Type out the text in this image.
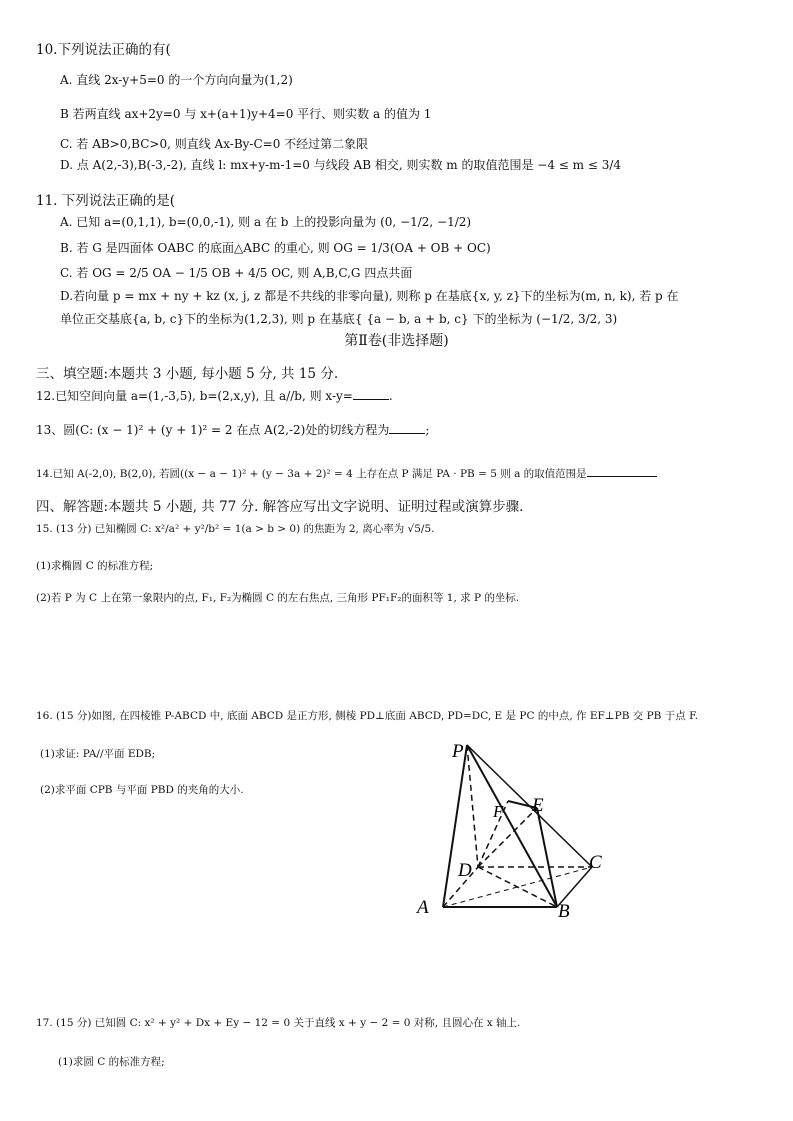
10.下列说法正确的有(
A. 直线 2x-y+5=0 的一个方向向量为(1,2)
B 若两直线 ax+2y=0 与 x+(a+1)y+4=0 平行、则实数 a 的值为 1
C. 若 AB>0,BC>0, 则直线 Ax-By-C=0 不经过第二象限
D. 点 A(2,-3),B(-3,-2), 直线 l: mx+y-m-1=0 与线段 AB 相交, 则实数 m 的取值范围是 −4 ≤ m ≤ 3/4
11. 下列说法正确的是(
A. 已知 a=(0,1,1), b=(0,0,-1), 则 a 在 b 上的投影向量为 (0, −1/2, −1/2)
B. 若 G 是四面体 OABC 的底面△ABC 的重心, 则 OG = 1/3(OA + OB + OC)
C. 若 OG = 2/5 OA − 1/5 OB + 4/5 OC, 则 A,B,C,G 四点共面
D.若向量 p = mx + ny + kz (x, j, z 都是不共线的非零向量), 则称 p 在基底{x, y, z}下的坐标为(m, n, k), 若 p 在
单位正交基底{a, b, c}下的坐标为(1,2,3), 则 p 在基底{ {a − b, a + b, c} 下的坐标为 (−1/2, 3/2, 3)
第Ⅱ卷(非选择题)
三、填空题:本题共 3 小题, 每小题 5 分, 共 15 分.
12.已知空间向量 a=(1,-3,5), b=(2,x,y), 且 a//b, 则 x-y=	.
13、圆(C: (x − 1)² + (y + 1)² = 2 在点 A(2,-2)处的切线方程为	;
14.已知 A(-2,0), B(2,0), 若圆((x − a − 1)² + (y − 3a + 2)² = 4 上存在点 P 满足 PA · PB = 5 则 a 的取值范围是
四、解答题:本题共 5 小题, 共 77 分. 解答应写出文字说明、证明过程或演算步骤.
15. (13 分) 已知椭圆 C: x²/a² + y²/b² = 1(a > b > 0) 的焦距为 2, 离心率为 √5/5.
(1)求椭圆 C 的标准方程;
(2)若 P 为 C 上在第一象限内的点, F₁, F₂为椭圆 C 的左右焦点, 三角形 PF₁F₂的面积等 1, 求 P 的坐标.
16. (15 分)如图, 在四棱锥 P-ABCD 中, 底面 ABCD 是正方形, 侧棱 PD⊥底面 ABCD, PD=DC, E 是 PC 的中点, 作 EF⊥PB 交 PB 于点 F.
(1)求证: PA//平面 EDB;
(2)求平面 CPB 与平面 PBD 的夹角的大小.
P
F E
D	C
A	B
17. (15 分) 已知圆 C: x² + y² + Dx + Ey − 12 = 0 关于直线 x + y − 2 = 0 对称, 且圆心在 x 轴上.
(1)求圆 C 的标准方程;
